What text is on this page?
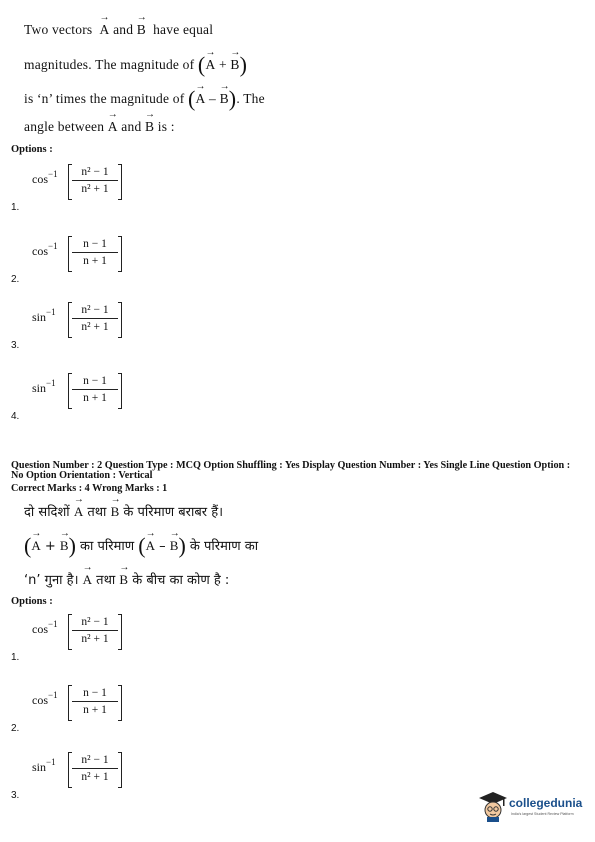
Two vectors
→
A and
→
B have equal
magnitudes. The magnitude of ( →
A +
→
B)
is ‘n’ times the magnitude of ( →
A –
→
B). The
angle between
→
A and
→
B is :
Options :
$\cos^{-1} n^2 - 1$
n² + 1
1.
$\cos^{-1} n - 1$
n + 1
2.
$\sin^{-1} n^2 - 1$
n² + 1
3.
$\sin^{-1} n - 1$
n + 1
4.
Question Number : 2 Question Type : MCQ Option Shuffling : Yes Display Question Number : Yes Single Line Question Option :
No Option Orientation : Vertical
Correct Marks : 4 Wrong Marks : 1
दो सदिशों
→
A तथा
→
B के परिमाण बराबर हैं।
( →
A +
→
B) का परिमाण ( →
A –
→
B) के परिमाण का
‘n’ गुना है।
→
A तथा
→
B के बीच का कोण है :
Options :
$\cos^{-1} n^2 - 1$
n² + 1
1.
$\cos^{-1} n - 1$
n + 1
2.
$\sin^{-1} n^2 - 1$
n² + 1
3.
collegedunia
India's largest Student Review Platform
